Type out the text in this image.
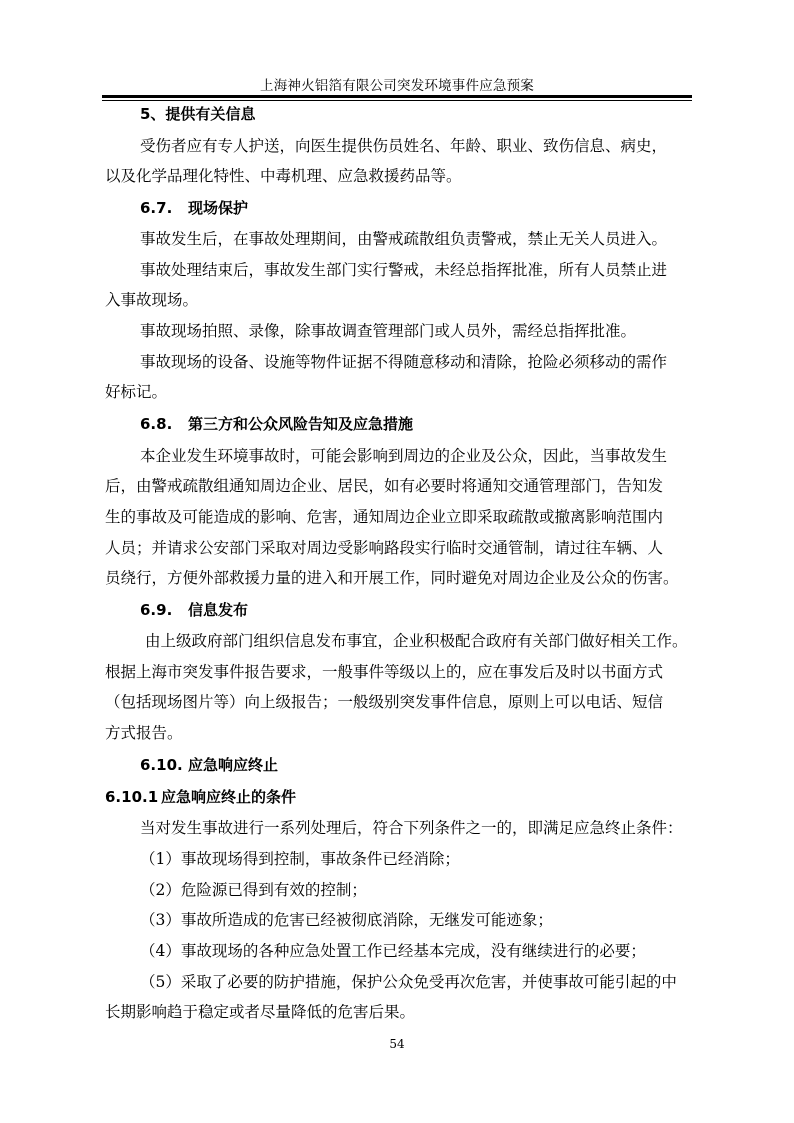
上海神火铝箔有限公司突发环境事件应急预案
5、提供有关信息
受伤者应有专人护送，向医生提供伤员姓名、年龄、职业、致伤信息、病史，
以及化学品理化特性、中毒机理、应急救援药品等。
6.7. 现场保护
事故发生后，在事故处理期间，由警戒疏散组负责警戒，禁止无关人员进入。
事故处理结束后，事故发生部门实行警戒，未经总指挥批准，所有人员禁止进
入事故现场。
事故现场拍照、录像，除事故调查管理部门或人员外，需经总指挥批准。
事故现场的设备、设施等物件证据不得随意移动和清除，抢险必须移动的需作
好标记。
6.8. 第三方和公众风险告知及应急措施
本企业发生环境事故时，可能会影响到周边的企业及公众，因此，当事故发生
后，由警戒疏散组通知周边企业、居民，如有必要时将通知交通管理部门，告知发
生的事故及可能造成的影响、危害，通知周边企业立即采取疏散或撤离影响范围内
人员；并请求公安部门采取对周边受影响路段实行临时交通管制，请过往车辆、人
员绕行，方便外部救援力量的进入和开展工作，同时避免对周边企业及公众的伤害。
6.9. 信息发布
由上级政府部门组织信息发布事宜，企业积极配合政府有关部门做好相关工作。
根据上海市突发事件报告要求，一般事件等级以上的，应在事发后及时以书面方式
（包括现场图片等）向上级报告；一般级别突发事件信息，原则上可以电话、短信
方式报告。
6.10. 应急响应终止
6.10.1 应急响应终止的条件
当对发生事故进行一系列处理后，符合下列条件之一的，即满足应急终止条件：
（1）事故现场得到控制，事故条件已经消除；
（2）危险源已得到有效的控制；
（3）事故所造成的危害已经被彻底消除，无继发可能迹象；
（4）事故现场的各种应急处置工作已经基本完成，没有继续进行的必要；
（5）采取了必要的防护措施，保护公众免受再次危害，并使事故可能引起的中
长期影响趋于稳定或者尽量降低的危害后果。
54
